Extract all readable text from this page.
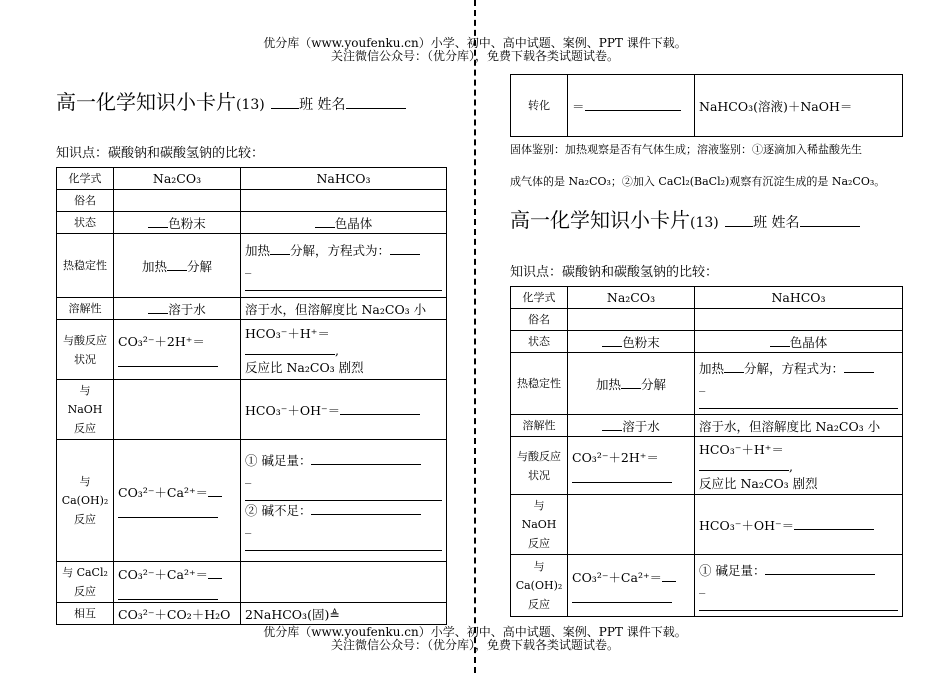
优分库（www.youfenku.cn）小学、初中、高中试题、案例、PPT 课件下载。
关注微信公众号：（优分库），免费下载各类试题试卷。
优分库（www.youfenku.cn）小学、初中、高中试题、案例、PPT 课件下载。
关注微信公众号：（优分库），免费下载各类试题试卷。
高一化学知识小卡片(13) 班 姓名
知识点：碳酸钠和碳酸氢钠的比较：
化学式	Na₂CO₃	NaHCO₃
俗名		
状态	色粉末	色晶体
热稳定性	加热 分解	加热 分解，方程式为：
_

溶解性	溶于水	溶于水，但溶解度比 Na₂CO₃ 小
与酸反应状况	CO₃²⁻＋2H⁺＝	HCO₃⁻＋H⁺＝
,
反应比 Na₂CO₃ 剧烈

与 NaOH 反应		HCO₃⁻＋OH⁻＝
与 Ca(OH)₂ 反应	CO₃²⁻＋Ca²⁺＝	① 碱足量：
_
② 碱不足：
_

与 CaCl₂ 反应	CO₃²⁻＋Ca²⁺＝

相互	CO₃²⁻＋CO₂＋H₂O	2NaHCO₃(固)≜
转化	＝	NaHCO₃(溶液)＋NaOH＝
固体鉴别：加热观察是否有气体生成；溶液鉴别：①逐滴加入稀盐酸先生
成气体的是 Na₂CO₃；②加入 CaCl₂(BaCl₂)观察有沉淀生成的是 Na₂CO₃。
高一化学知识小卡片(13) 班 姓名
知识点：碳酸钠和碳酸氢钠的比较：
化学式	Na₂CO₃	NaHCO₃
俗名		
状态	色粉末	色晶体
热稳定性	加热 分解	加热 分解，方程式为：
_

溶解性	溶于水	溶于水，但溶解度比 Na₂CO₃ 小
与酸反应状况	CO₃²⁻＋2H⁺＝	HCO₃⁻＋H⁺＝
,
反应比 Na₂CO₃ 剧烈

与 NaOH 反应		HCO₃⁻＋OH⁻＝
与 Ca(OH)₂ 反应	CO₃²⁻＋Ca²⁺＝	① 碱足量：
_
